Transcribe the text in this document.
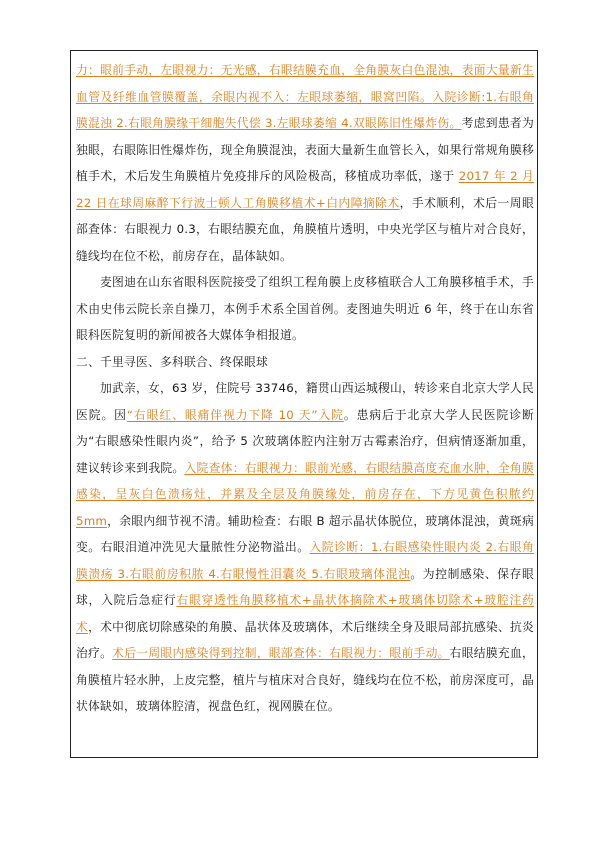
力：眼前手动，左眼视力：无光感，右眼结膜充血，全角膜灰白色混浊，表面大量新生血管及纤维血管膜覆盖，余眼内视不入：左眼球萎缩，眼窝凹陷。入院诊断:1.右眼角膜混浊 2.右眼角膜缘干细胞失代偿 3.左眼球萎缩 4.双眼陈旧性爆炸伤。考虑到患者为独眼，右眼陈旧性爆炸伤，现全角膜混浊，表面大量新生血管长入，如果行常规角膜移植手术，术后发生角膜植片免疫排斥的风险极高，移植成功率低，遂于 2017 年 2 月 22 日在球周麻醉下行波士顿人工角膜移植术+白内障摘除术，手术顺利，术后一周眼部查体：右眼视力 0.3，右眼结膜充血，角膜植片透明，中央光学区与植片对合良好，缝线均在位不松，前房存在，晶体缺如。

麦图迪在山东省眼科医院接受了组织工程角膜上皮移植联合人工角膜移植手术，手术由史伟云院长亲自操刀，本例手术系全国首例。麦图迪失明近 6 年，终于在山东省眼科医院复明的新闻被各大媒体争相报道。

二、千里寻医、多科联合、终保眼球

加武亲，女，63 岁，住院号 33746，籍贯山西运城稷山，转诊来自北京大学人民医院。因“右眼红、眼痛伴视力下降 10 天”入院。患病后于北京大学人民医院诊断为“右眼感染性眼内炎”，给予 5 次玻璃体腔内注射万古霉素治疗，但病情逐渐加重，建议转诊来到我院。入院查体：右眼视力：眼前光感，右眼结膜高度充血水肿，全角膜感染，呈灰白色溃疡灶，并累及全层及角膜缘处，前房存在，下方见黄色积脓约 5mm，余眼内细节视不清。辅助检查：右眼 B 超示晶状体脱位，玻璃体混浊，黄斑病变。右眼泪道冲洗见大量脓性分泌物溢出。入院诊断：1.右眼感染性眼内炎 2.右眼角膜溃疡 3.右眼前房积脓 4.右眼慢性泪囊炎 5.右眼玻璃体混浊。为控制感染、保存眼球，入院后急症行右眼穿透性角膜移植术+晶状体摘除术+玻璃体切除术+玻腔注药术，术中彻底切除感染的角膜、晶状体及玻璃体，术后继续全身及眼局部抗感染、抗炎治疗。术后一周眼内感染得到控制，眼部查体：右眼视力：眼前手动。右眼结膜充血，角膜植片轻水肿，上皮完整，植片与植床对合良好，缝线均在位不松，前房深度可，晶状体缺如，玻璃体腔清，视盘色红，视网膜在位。
